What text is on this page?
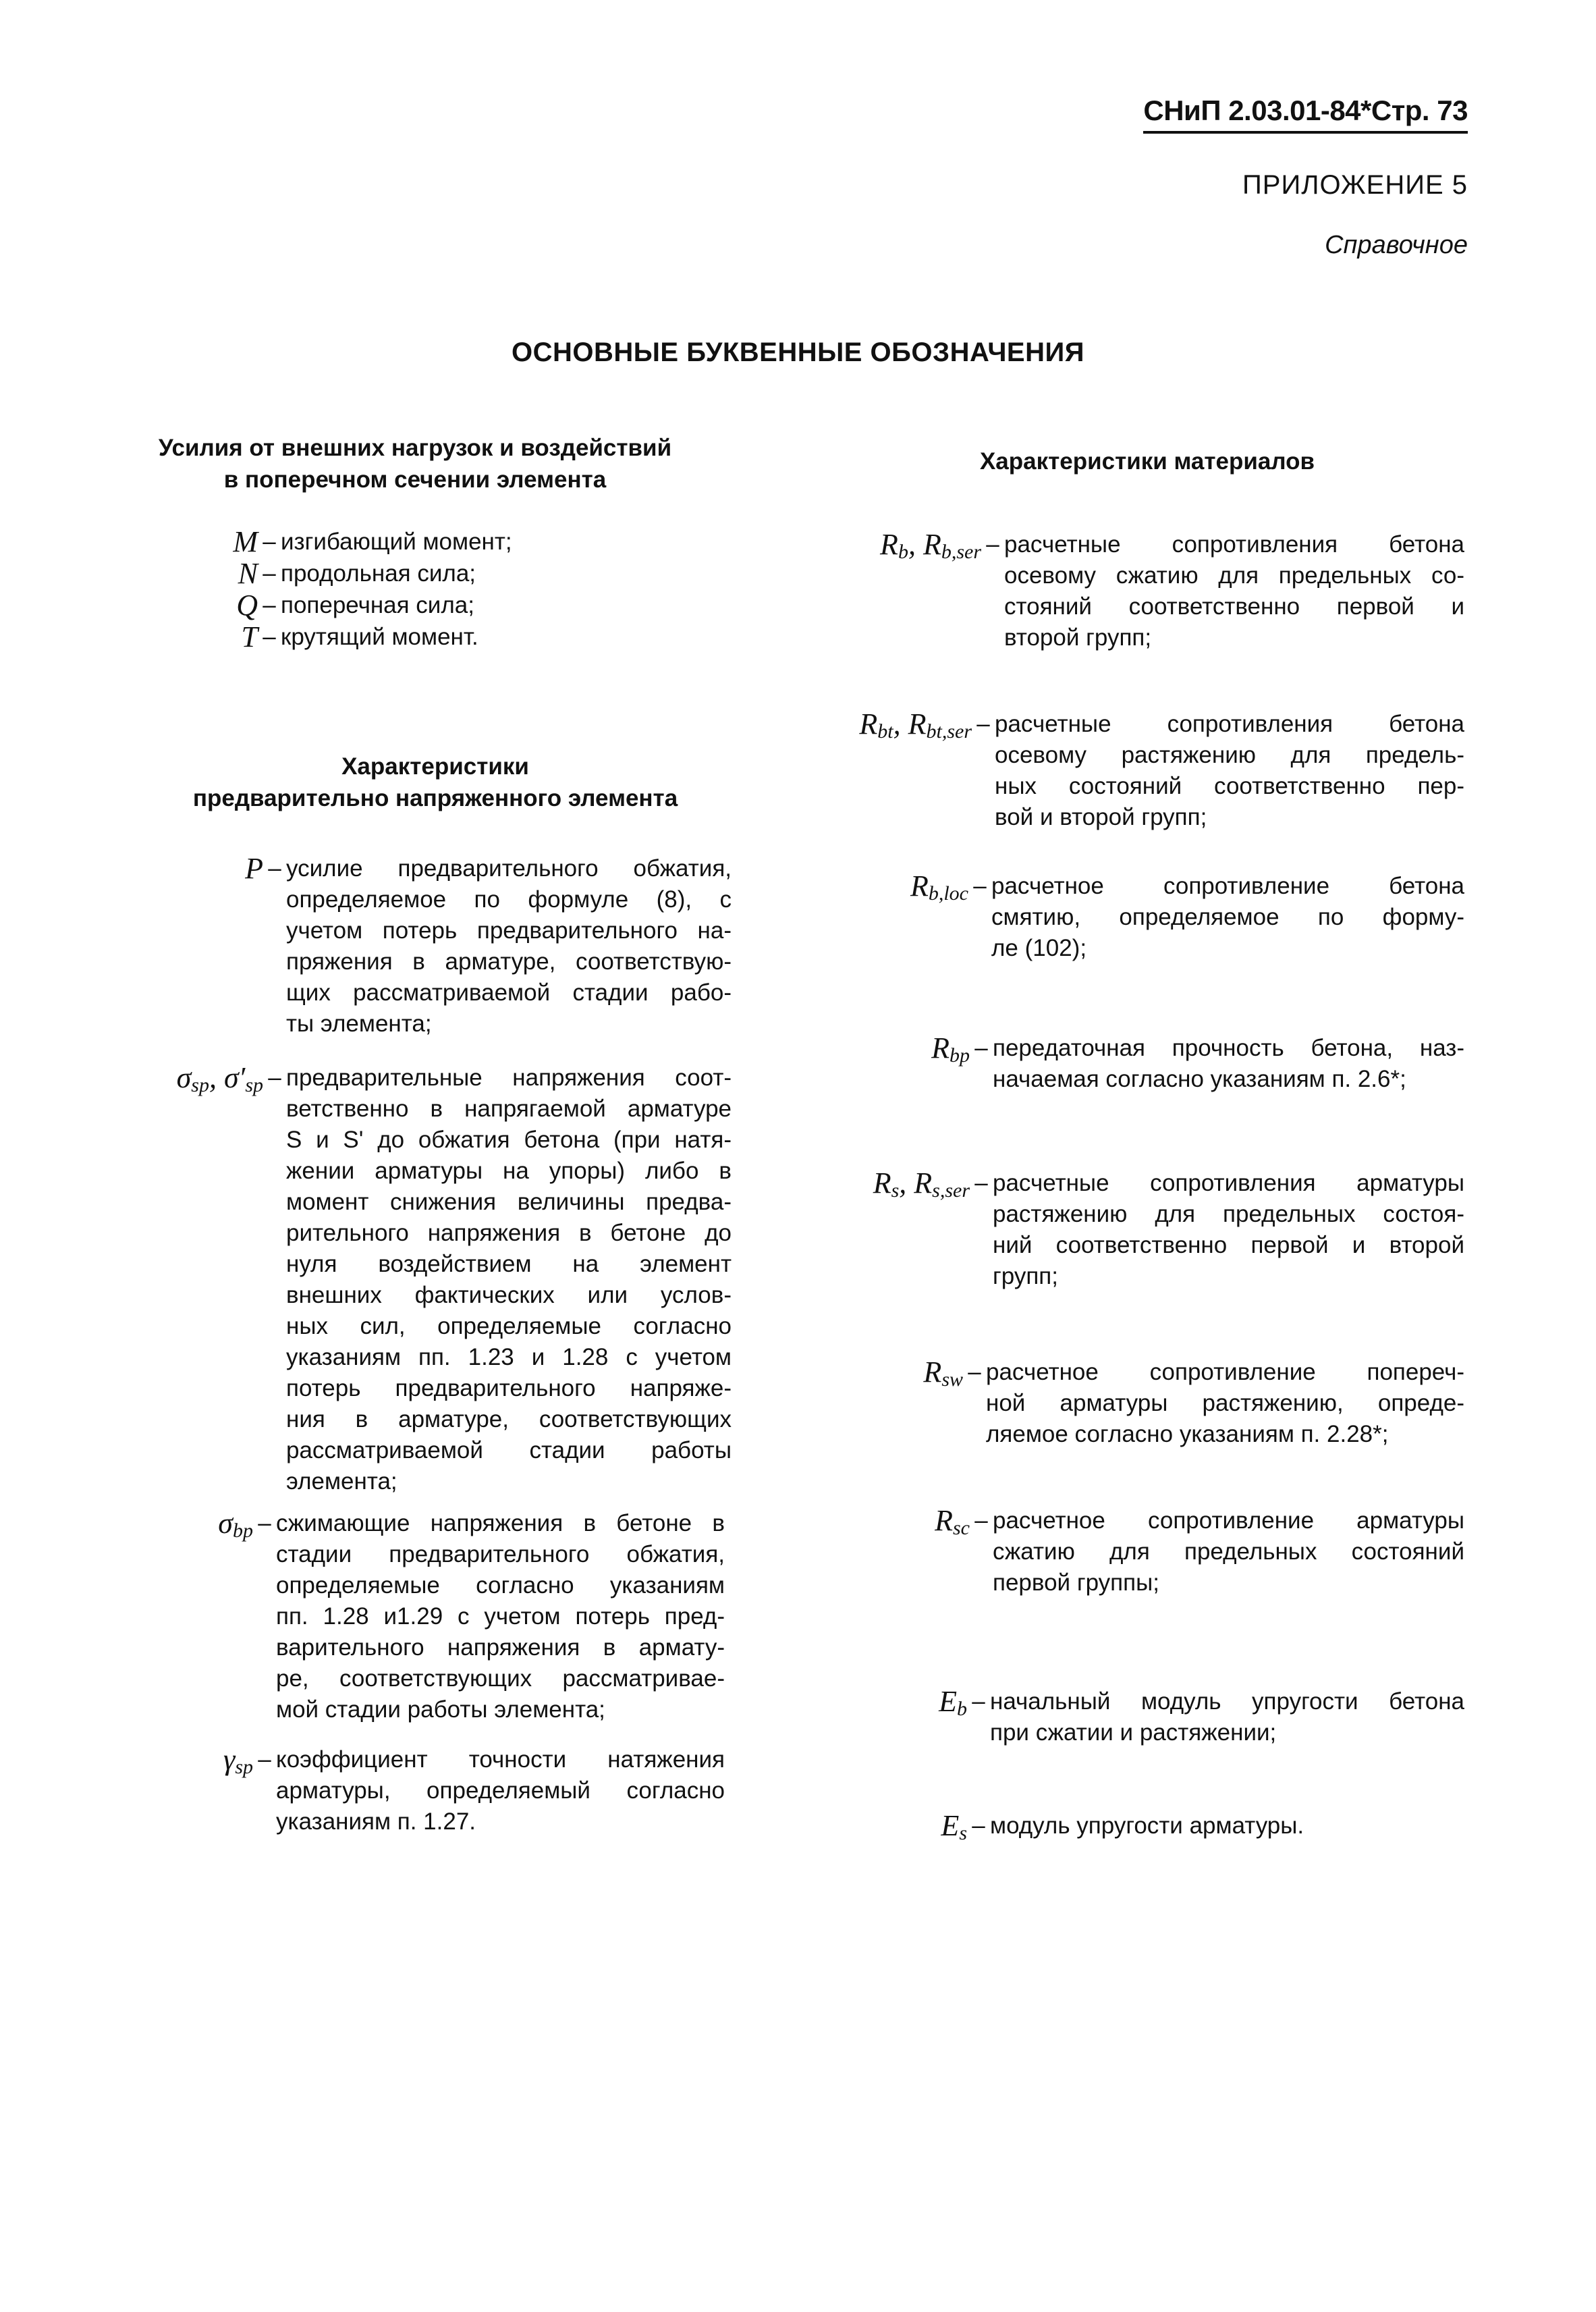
СНиП 2.03.01-84*Стр. 73
ПРИЛОЖЕНИЕ 5
Справочное
ОСНОВНЫЕ БУКВЕННЫЕ ОБОЗНАЧЕНИЯ
Усилия от внешних нагрузок и воздействий
в поперечном сечении элемента
M – изгибающий момент;
N – продольная сила;
Q – поперечная сила;
T – крутящий момент.
Характеристики
предварительно напряженного элемента
P – усилие предварительного обжатия,
определяемое по формуле (8), с
учетом потерь предварительного на-
пряжения в арматуре, соответствую-
щих рассматриваемой стадии рабо-
ты элемента;
$\sigma_{sp}$, $\sigma'_{sp}$ – предварительные напряжения соот-
ветственно в напрягаемой арматуре
S и S' до обжатия бетона (при натя-
жении арматуры на упоры) либо в
момент снижения величины предва-
рительного напряжения в бетоне до
нуля воздействием на элемент
внешних фактических или услов-
ных сил, определяемые согласно
указаниям пп. 1.23 и 1.28 с учетом
потерь предварительного напряже-
ния в арматуре, соответствующих
рассматриваемой стадии работы
элемента;
$\sigma_{bp}$ – сжимающие напряжения в бетоне в
стадии предварительного обжатия,
определяемые согласно указаниям
пп. 1.28 и1.29 с учетом потерь пред-
варительного напряжения в армату-
ре, соответствующих рассматривае-
мой стадии работы элемента;
$\gamma_{sp}$ – коэффициент точности натяжения
арматуры, определяемый согласно
указаниям п. 1.27.
Характеристики материалов
$R_b$, $R_{b,ser}$ – расчетные сопротивления бетона
осевому сжатию для предельных со-
стояний соответственно первой и
второй групп;
$R_{bt}$, $R_{bt,ser}$ – расчетные сопротивления бетона
осевому растяжению для предель-
ных состояний соответственно пер-
вой и второй групп;
$R_{b,loc}$ – расчетное сопротивление бетона
смятию, определяемое по форму-
ле (102);
$R_{bp}$ – передаточная прочность бетона, наз-
начаемая согласно указаниям п. 2.6*;
$R_s$, $R_{s,ser}$ – расчетные сопротивления арматуры
растяжению для предельных состоя-
ний соответственно первой и второй
групп;
$R_{sw}$ – расчетное сопротивление попереч-
ной арматуры растяжению, опреде-
ляемое согласно указаниям п. 2.28*;
$R_{sc}$ – расчетное сопротивление арматуры
сжатию для предельных состояний
первой группы;
$E_b$ – начальный модуль упругости бетона
при сжатии и растяжении;
$E_s$ – модуль упругости арматуры.
